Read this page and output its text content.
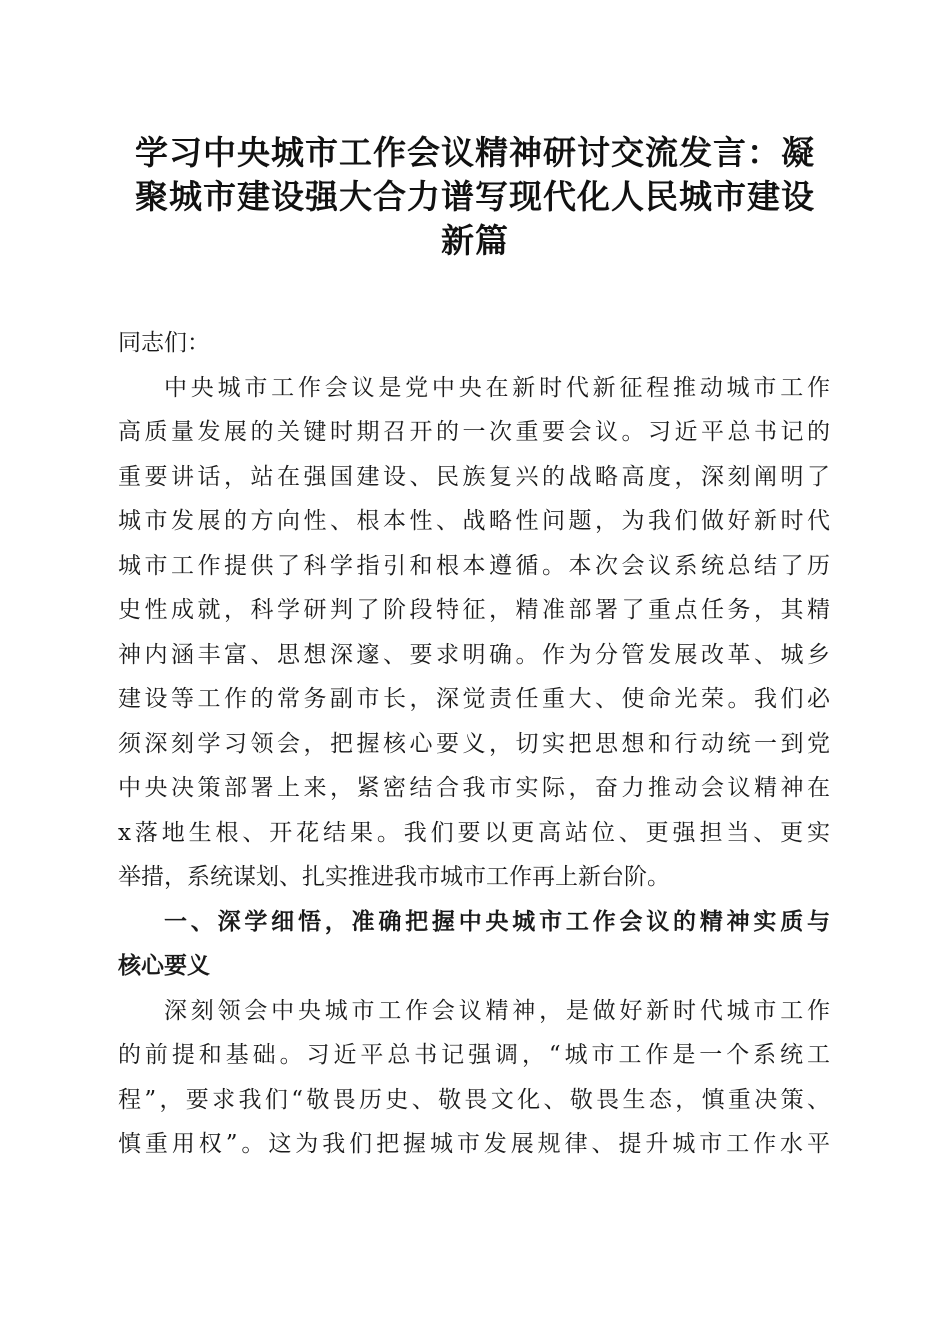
学习中央城市工作会议精神研讨交流发言：凝
聚城市建设强大合力谱写现代化人民城市建设
新篇
同志们：
中央城市工作会议是党中央在新时代新征程推动城市工作
高质量发展的关键时期召开的一次重要会议。习近平总书记的
重要讲话，站在强国建设、民族复兴的战略高度，深刻阐明了
城市发展的方向性、根本性、战略性问题，为我们做好新时代
城市工作提供了科学指引和根本遵循。本次会议系统总结了历
史性成就，科学研判了阶段特征，精准部署了重点任务，其精
神内涵丰富、思想深邃、要求明确。作为分管发展改革、城乡
建设等工作的常务副市长，深觉责任重大、使命光荣。我们必
须深刻学习领会，把握核心要义，切实把思想和行动统一到党
中央决策部署上来，紧密结合我市实际，奋力推动会议精神在
x落地生根、开花结果。我们要以更高站位、更强担当、更实
举措，系统谋划、扎实推进我市城市工作再上新台阶。
一、深学细悟，准确把握中央城市工作会议的精神实质与
核心要义
深刻领会中央城市工作会议精神，是做好新时代城市工作
的前提和基础。习近平总书记强调，“城市工作是一个系统工
程”，要求我们“敬畏历史、敬畏文化、敬畏生态，慎重决策、
慎重用权”。这为我们把握城市发展规律、提升城市工作水平
